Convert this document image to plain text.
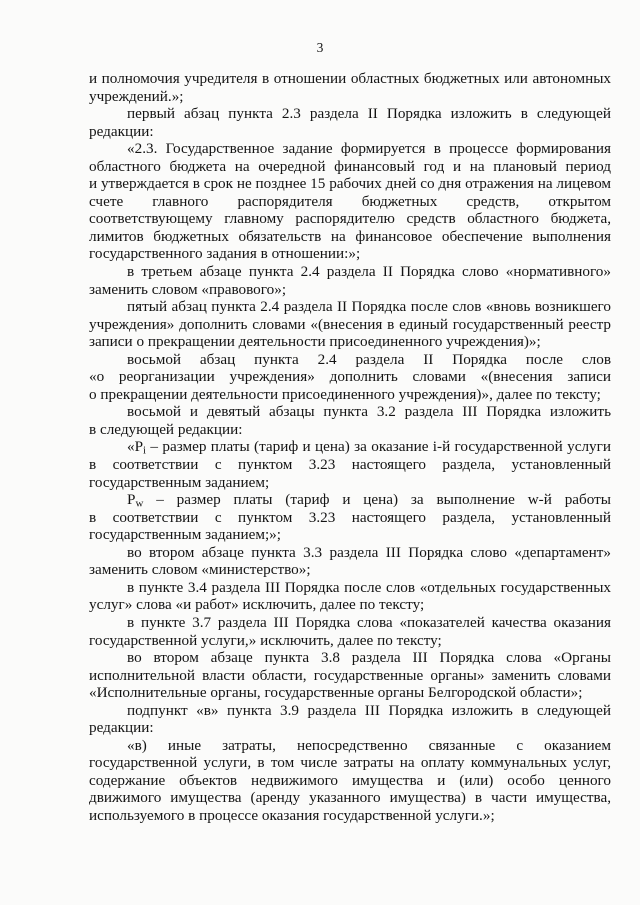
3
и полномочия учредителя в отношении областных бюджетных или автономных
учреждений.»;
первый абзац пункта 2.3 раздела II Порядка изложить в следующей
редакции:
«2.3. Государственное задание формируется в процессе формирования
областного бюджета на очередной финансовый год и на плановый период
и утверждается в срок не позднее 15 рабочих дней со дня отражения на лицевом
счете главного распорядителя бюджетных средств, открытом
соответствующему главному распорядителю средств областного бюджета,
лимитов бюджетных обязательств на финансовое обеспечение выполнения
государственного задания в отношении:»;
в третьем абзаце пункта 2.4 раздела II Порядка слово «нормативного»
заменить словом «правового»;
пятый абзац пункта 2.4 раздела II Порядка после слов «вновь возникшего
учреждения» дополнить словами «(внесения в единый государственный реестр
записи о прекращении деятельности присоединенного учреждения)»;
восьмой абзац пункта 2.4 раздела II Порядка после слов
«о реорганизации учреждения» дополнить словами «(внесения записи
о прекращении деятельности присоединенного учреждения)», далее по тексту;
восьмой и девятый абзацы пункта 3.2 раздела III Порядка изложить
в следующей редакции:
«$P_i$ – размер платы (тариф и цена) за оказание i-й государственной услуги
в соответствии с пунктом 3.23 настоящего раздела, установленный
государственным заданием;
$P_w$ – размер платы (тариф и цена) за выполнение w-й работы
в соответствии с пунктом 3.23 настоящего раздела, установленный
государственным заданием;»;
во втором абзаце пункта 3.3 раздела III Порядка слово «департамент»
заменить словом «министерство»;
в пункте 3.4 раздела III Порядка после слов «отдельных государственных
услуг» слова «и работ» исключить, далее по тексту;
в пункте 3.7 раздела III Порядка слова «показателей качества оказания
государственной услуги,» исключить, далее по тексту;
во втором абзаце пункта 3.8 раздела III Порядка слова «Органы
исполнительной власти области, государственные органы» заменить словами
«Исполнительные органы, государственные органы Белгородской области»;
подпункт «в» пункта 3.9 раздела III Порядка изложить в следующей
редакции:
«в) иные затраты, непосредственно связанные с оказанием
государственной услуги, в том числе затраты на оплату коммунальных услуг,
содержание объектов недвижимого имущества и (или) особо ценного
движимого имущества (аренду указанного имущества) в части имущества,
используемого в процессе оказания государственной услуги.»;
